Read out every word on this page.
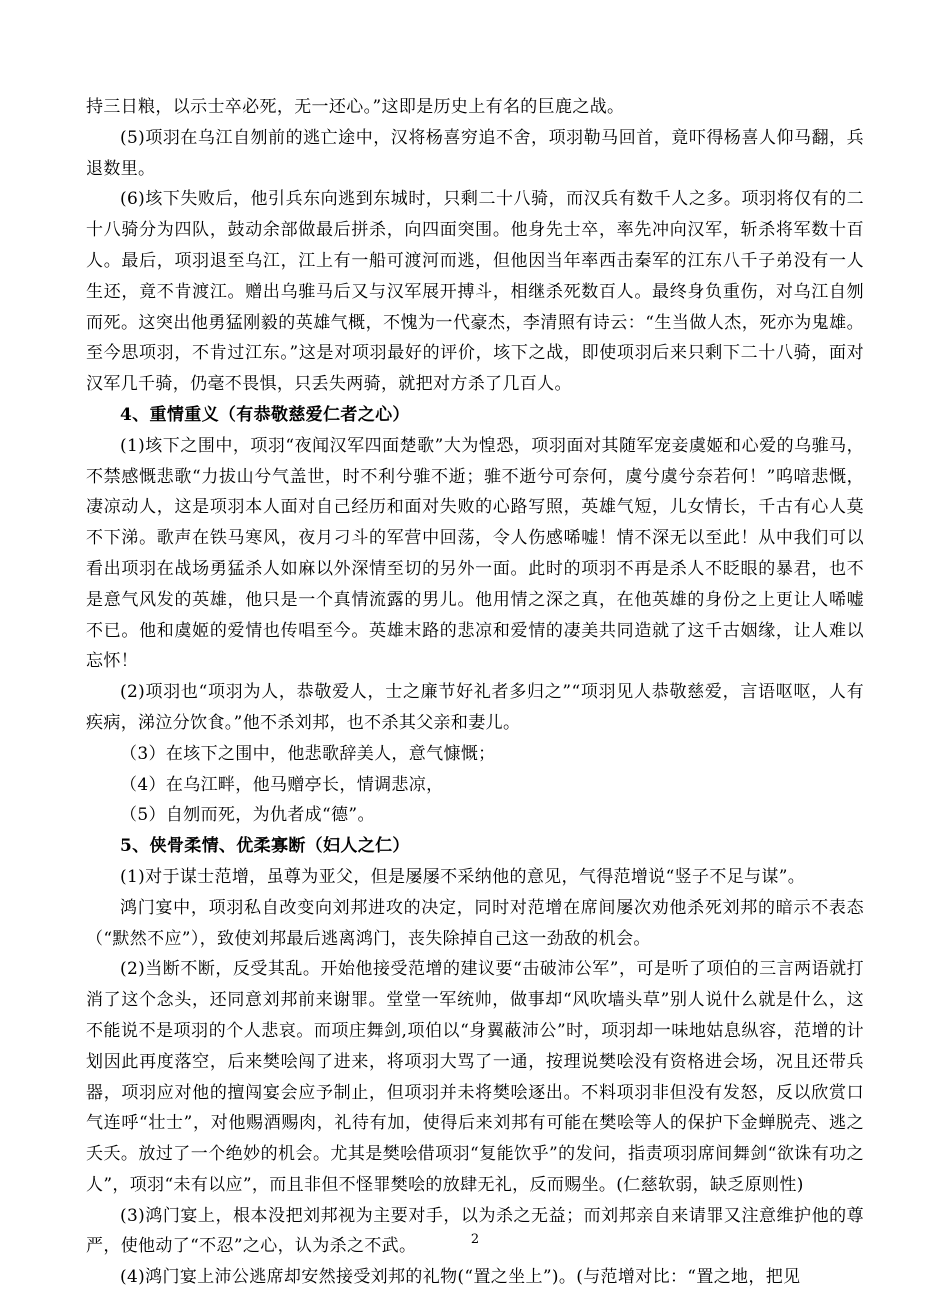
持三日粮，以示士卒必死，无一还心。”这即是历史上有名的巨鹿之战。

(5)项羽在乌江自刎前的逃亡途中，汉将杨喜穷追不舍，项羽勒马回首，竟吓得杨喜人仰马翻，兵退数里。

(6)垓下失败后，他引兵东向逃到东城时，只剩二十八骑，而汉兵有数千人之多。项羽将仅有的二十八骑分为四队，鼓动余部做最后拼杀，向四面突围。他身先士卒，率先冲向汉军，斩杀将军数十百人。最后，项羽退至乌江，江上有一船可渡河而逃，但他因当年率西击秦军的江东八千子弟没有一人生还，竟不肯渡江。赠出乌骓马后又与汉军展开搏斗，相继杀死数百人。最终身负重伤，对乌江自刎而死。这突出他勇猛刚毅的英雄气概，不愧为一代豪杰，李清照有诗云：“生当做人杰，死亦为鬼雄。至今思项羽，不肯过江东。”这是对项羽最好的评价，垓下之战，即使项羽后来只剩下二十八骑，面对汉军几千骑，仍毫不畏惧，只丢失两骑，就把对方杀了几百人。

4、重情重义（有恭敬慈爱仁者之心）

(1)垓下之围中，项羽“夜闻汉军四面楚歌”大为惶恐，项羽面对其随军宠妾虞姬和心爱的乌骓马，不禁感慨悲歌“力拔山兮气盖世，时不利兮骓不逝；骓不逝兮可奈何，虞兮虞兮奈若何！”呜喑悲慨，凄凉动人，这是项羽本人面对自己经历和面对失败的心路写照，英雄气短，儿女情长，千古有心人莫不下涕。歌声在铁马寒风，夜月刁斗的军营中回荡，令人伤感唏嘘！情不深无以至此！从中我们可以看出项羽在战场勇猛杀人如麻以外深情至切的另外一面。此时的项羽不再是杀人不眨眼的暴君，也不是意气风发的英雄，他只是一个真情流露的男儿。他用情之深之真，在他英雄的身份之上更让人唏嘘不已。他和虞姬的爱情也传唱至今。英雄末路的悲凉和爱情的凄美共同造就了这千古姻缘，让人难以忘怀！

(2)项羽也“项羽为人，恭敬爱人，士之廉节好礼者多归之”“项羽见人恭敬慈爱，言语呕呕，人有疾病，涕泣分饮食。”他不杀刘邦，也不杀其父亲和妻儿。

（3）在垓下之围中，他悲歌辞美人，意气慷慨；

（4）在乌江畔，他马赠亭长，情调悲凉，

（5）自刎而死，为仇者成“德”。

5、侠骨柔情、优柔寡断（妇人之仁）

(1)对于谋士范增，虽尊为亚父，但是屡屡不采纳他的意见，气得范增说“竖子不足与谋”。

鸿门宴中，项羽私自改变向刘邦进攻的决定，同时对范增在席间屡次劝他杀死刘邦的暗示不表态（“默然不应”），致使刘邦最后逃离鸿门，丧失除掉自己这一劲敌的机会。

(2)当断不断，反受其乱。开始他接受范增的建议要“击破沛公军”，可是听了项伯的三言两语就打消了这个念头，还同意刘邦前来谢罪。堂堂一军统帅，做事却“风吹墙头草”别人说什么就是什么，这不能说不是项羽的个人悲哀。而项庄舞剑,项伯以“身翼蔽沛公”时，项羽却一味地姑息纵容，范增的计划因此再度落空，后来樊哙闯了进来，将项羽大骂了一通，按理说樊哙没有资格进会场，况且还带兵器，项羽应对他的擅闯宴会应予制止，但项羽并未将樊哙逐出。不料项羽非但没有发怒，反以欣赏口气连呼“壮士”，对他赐酒赐肉，礼待有加，使得后来刘邦有可能在樊哙等人的保护下金蝉脱壳、逃之夭夭。放过了一个绝妙的机会。尤其是樊哙借项羽“复能饮乎”的发问，指责项羽席间舞剑“欲诛有功之人”，项羽“未有以应”，而且非但不怪罪樊哙的放肆无礼，反而赐坐。(仁慈软弱，缺乏原则性)

(3)鸿门宴上，根本没把刘邦视为主要对手，以为杀之无益；而刘邦亲自来请罪又注意维护他的尊严，使他动了“不忍”之心，认为杀之不武。

(4)鸿门宴上沛公逃席却安然接受刘邦的礼物(“置之坐上”)。(与范增对比：“置之地，把见

2
